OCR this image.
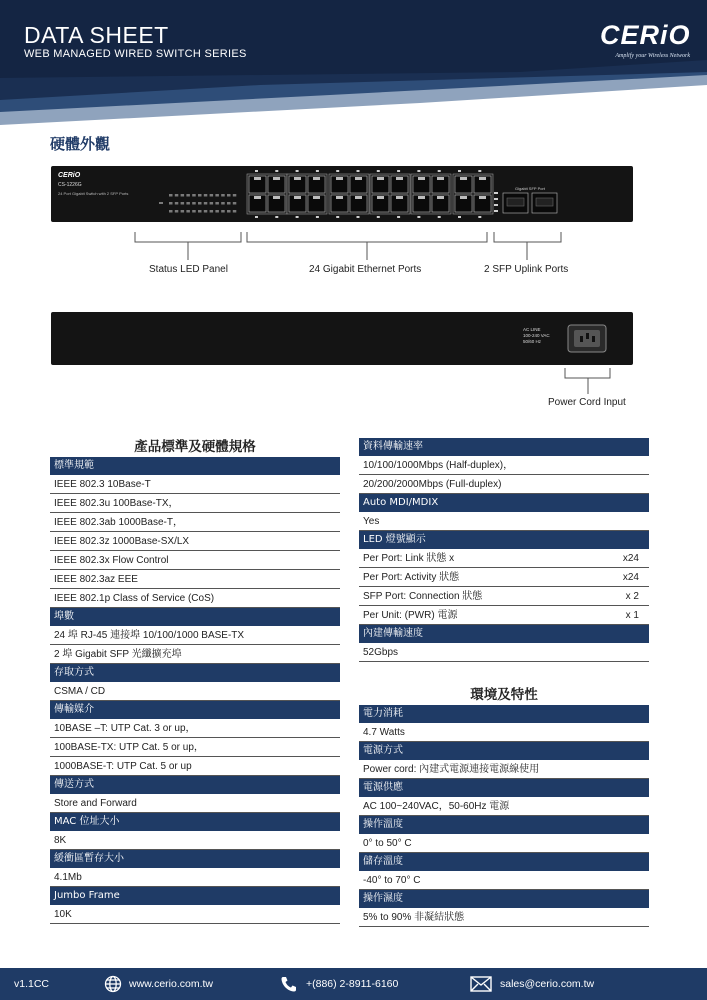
DATA SHEET
WEB MANAGED WIRED SWITCH SERIES
CERiO
Amplify your Wireless Network
硬體外觀
CERiO
CS-1226G
24 Port Gigabit Switch with 2 SFP Ports
Gigabit SFP Port
Status LED Panel	24 Gigabit Ethernet Ports	2 SFP Uplink Ports
AC LINE
100-240 VAC
50/60 Hz
Power Cord Input
產品標準及硬體規格
標準規範
IEEE 802.3 10Base-T
IEEE 802.3u 100Base-TX，
IEEE 802.3ab 1000Base-T，
IEEE 802.3z 1000Base-SX/LX
IEEE 802.3x Flow Control
IEEE 802.3az EEE
IEEE 802.1p Class of Service (CoS)
埠數
24 埠 RJ-45 連接埠 10/100/1000 BASE-TX
2 埠 Gigabit SFP 光纖擴充埠
存取方式
CSMA / CD
傳輸媒介
10BASE –T: UTP Cat. 3 or up，
100BASE-TX: UTP Cat. 5 or up，
1000BASE-T: UTP Cat. 5 or up
傳送方式
Store and Forward
MAC 位址大小
8K
緩衝區暫存大小
4.1Mb
Jumbo Frame
10K
資料傳輸速率
10/100/1000Mbps (Half-duplex)，
20/200/2000Mbps (Full-duplex)
Auto MDI/MDIX
Yes
LED 燈號顯示
Per Port: Link 狀態 x	x24
Per Port: Activity 狀態	x24
SFP Port: Connection 狀態	x 2
Per Unit: (PWR) 電源	x 1
內建傳輸速度
52Gbps
環境及特性
電力消耗
4.7 Watts
電源方式
Power cord: 內建式電源連接電源線使用
電源供應
AC 100~240VAC，50-60Hz 電源
操作溫度
0° to 50° C
儲存溫度
-40° to 70° C
操作濕度
5% to 90% 非凝結狀態
v1.1CC	www.cerio.com.tw	+(886) 2-8911-6160	sales@cerio.com.tw
